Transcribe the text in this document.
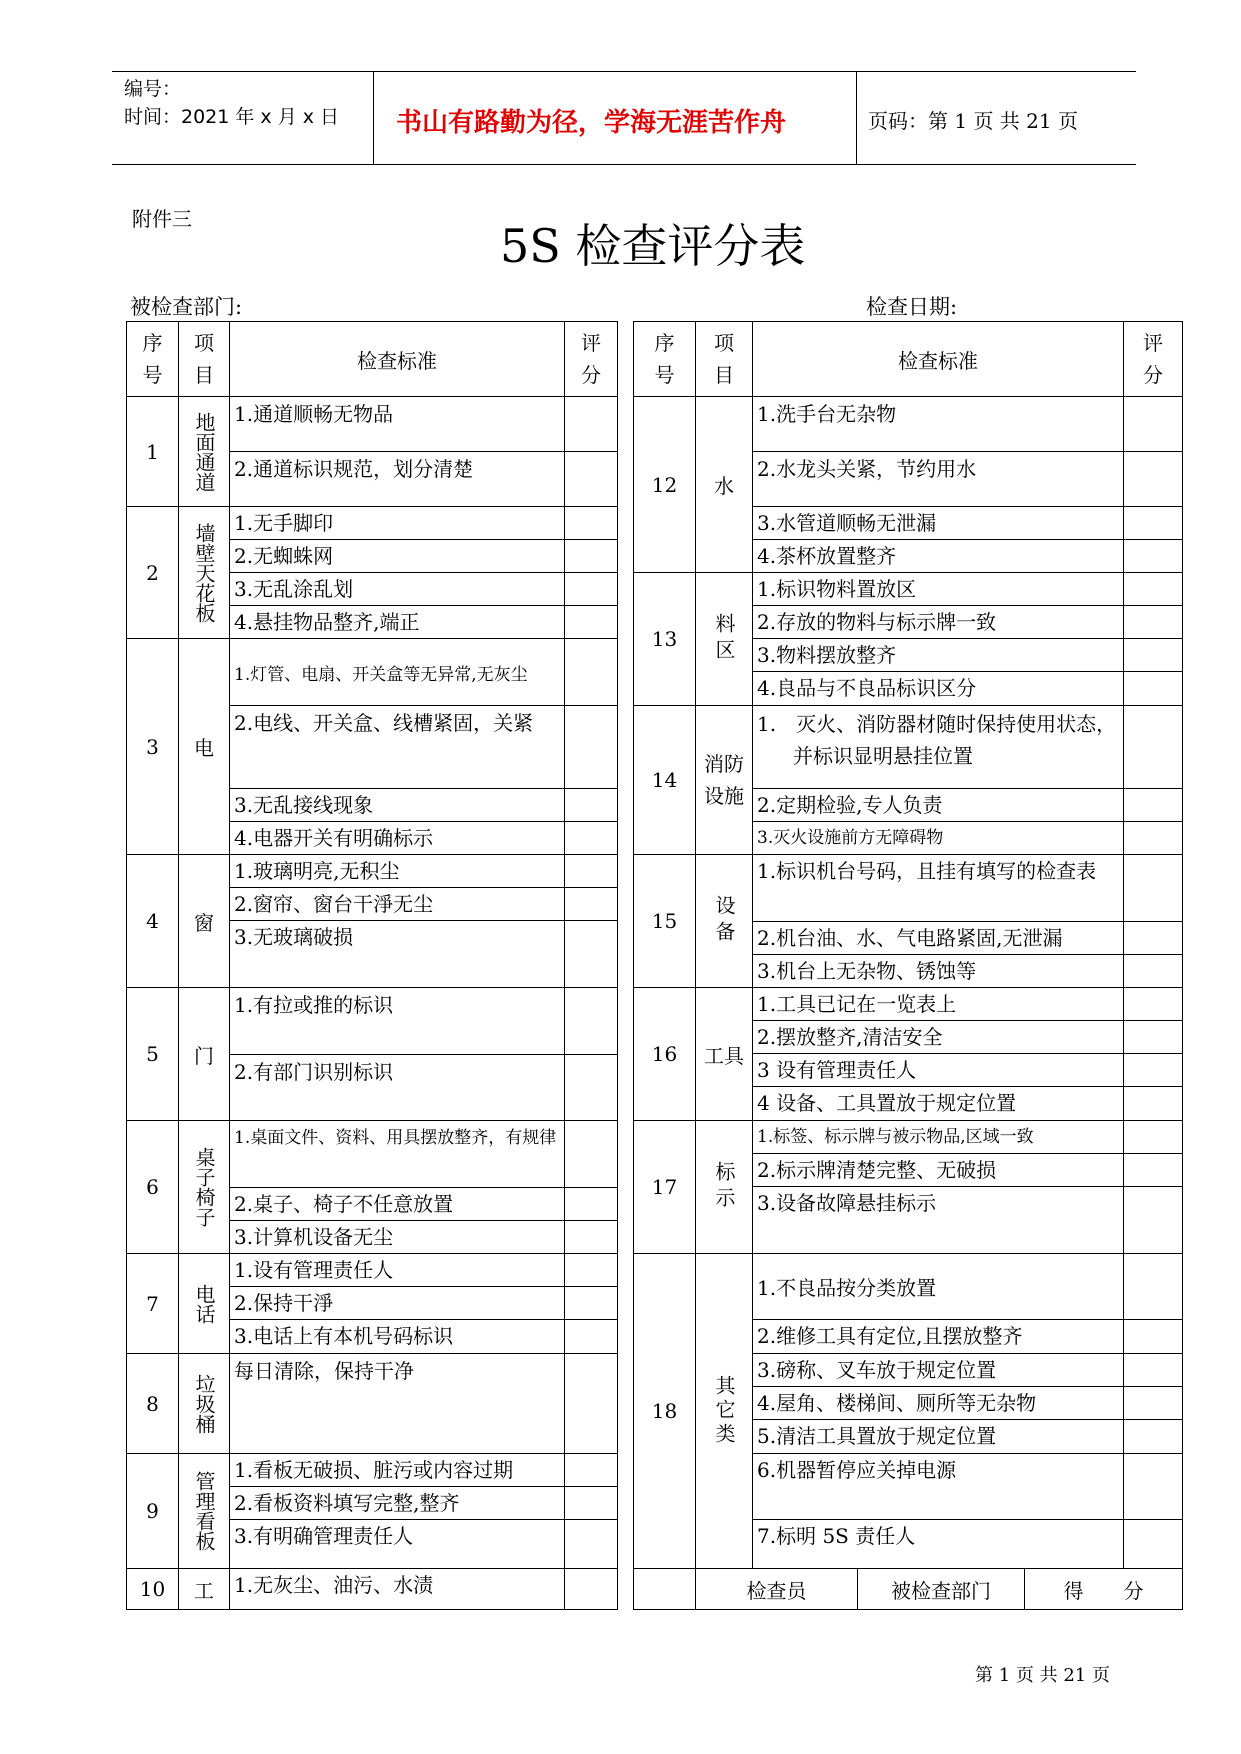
编号：
时间：2021 年 x 月 x 日 书山有路勤为径，学海无涯苦作舟	页码：第 1 页 共 21 页
附件三	5S 检查评分表
被检查部门:	检查日期:
序
号
项
目
检查标准
评
分
1	地面通道 1.通道顺畅无物品
2.通道标识规范，划分清楚
2	墙壁天花板 1.无手脚印
2.无蜘蛛网
3.无乱涂乱划
4.悬挂物品整齐,端正
3	电
1.灯管、电扇、开关盒等无异常,无灰尘
2.电线、开关盒、线槽紧固，关紧
3.无乱接线现象
4.电器开关有明确标示
4	窗
1.玻璃明亮,无积尘
2.窗帘、窗台干淨无尘
3.无玻璃破损
5	门
1.有拉或推的标识
2.有部门识别标识
6	桌子椅子
1.桌面文件、资料、用具摆放整齐，有规律
2.桌子、椅子不任意放置
3.计算机设备无尘
7	电话
1.设有管理责任人
2.保持干淨
3.电话上有本机号码标识
8	垃圾桶
每日清除，保持干净
9	管理看板
1.看板无破损、脏污或内容过期
2.看板资料填写完整,整齐
3.有明确管理责任人
10	工	1.无灰尘、油污、水渍
序
号
项
目
检查标准
评
分
12	水
1.洗手台无杂物
2.水龙头关紧，节约用水
3.水管道顺畅无泄漏
4.茶杯放置整齐
13	料区
1.标识物料置放区
2.存放的物料与标示牌一致
3.物料摆放整齐
4.良品与不良品标识区分
14
消防设施
1.　灭火、消防器材随时保持使用状态，并标识显明悬挂位置
2.定期检验,专人负责
3.灭火设施前方无障碍物
15	设备
1.标识机台号码，且挂有填写的检查表
2.机台油、水、气电路紧固,无泄漏
3.机台上无杂物、锈蚀等
16	工具
1.工具已记在一览表上
2.摆放整齐,清洁安全
3 设有管理责任人
4 设备、工具置放于规定位置
17	标示
1.标签、标示牌与被示物品,区域一致
2.标示牌清楚完整、无破损
3.设备故障悬挂标示
18	其它类
1.不良品按分类放置
2.维修工具有定位,且摆放整齐
3.磅称、叉车放于规定位置
4.屋角、楼梯间、厕所等无杂物
5.清洁工具置放于规定位置
6.机器暂停应关掉电源
7.标明 5S 责任人
检查员	被检查部门	得　　分
第 1 页 共 21 页
